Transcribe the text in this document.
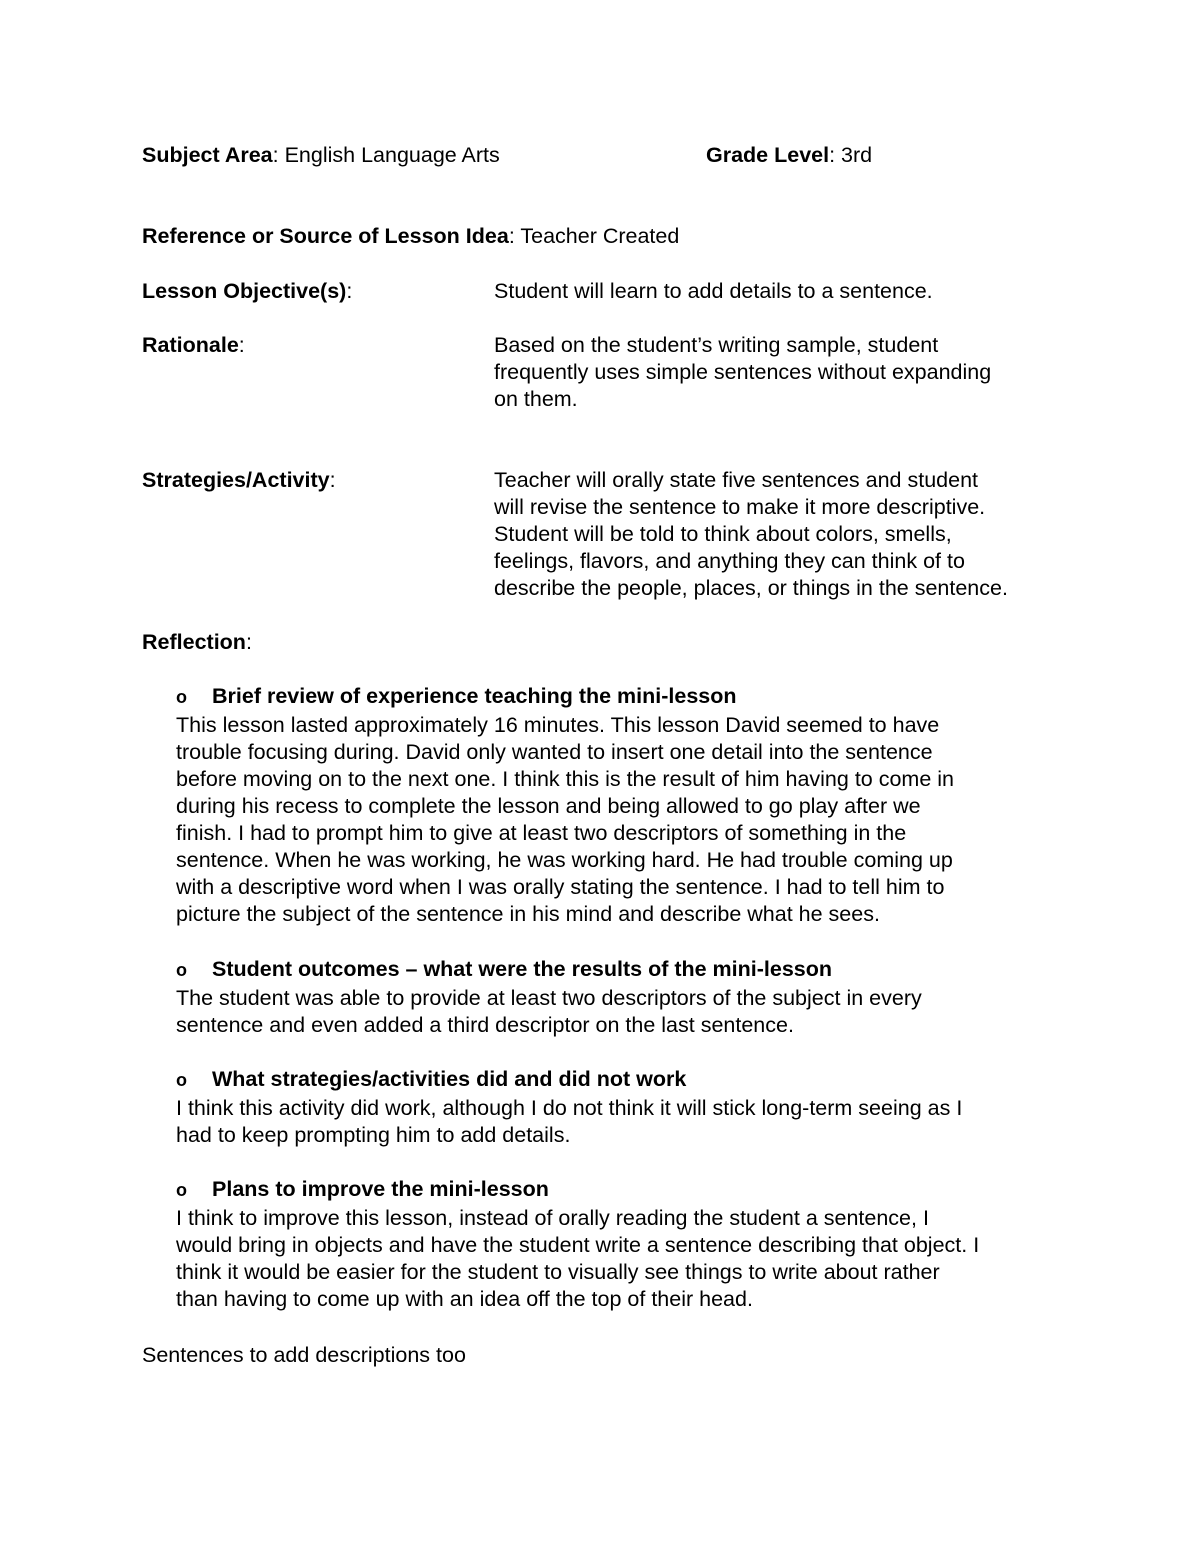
Subject Area: English Language Arts	Grade Level: 3rd
Reference or Source of Lesson Idea: Teacher Created
Lesson Objective(s):	Student will learn to add details to a sentence.
Rationale:	Based on the student’s writing sample, student
frequently uses simple sentences without expanding
on them.
Strategies/Activity:	Teacher will orally state five sentences and student
will revise the sentence to make it more descriptive.
Student will be told to think about colors, smells,
feelings, flavors, and anything they can think of to
describe the people, places, or things in the sentence.
Reflection:
o Brief review of experience teaching the mini-lesson
This lesson lasted approximately 16 minutes. This lesson David seemed to have
trouble focusing during. David only wanted to insert one detail into the sentence
before moving on to the next one. I think this is the result of him having to come in
during his recess to complete the lesson and being allowed to go play after we
finish. I had to prompt him to give at least two descriptors of something in the
sentence. When he was working, he was working hard. He had trouble coming up
with a descriptive word when I was orally stating the sentence. I had to tell him to
picture the subject of the sentence in his mind and describe what he sees.
o Student outcomes – what were the results of the mini-lesson
The student was able to provide at least two descriptors of the subject in every
sentence and even added a third descriptor on the last sentence.
o What strategies/activities did and did not work
I think this activity did work, although I do not think it will stick long-term seeing as I
had to keep prompting him to add details.
o Plans to improve the mini-lesson
I think to improve this lesson, instead of orally reading the student a sentence, I
would bring in objects and have the student write a sentence describing that object. I
think it would be easier for the student to visually see things to write about rather
than having to come up with an idea off the top of their head.
Sentences to add descriptions too
